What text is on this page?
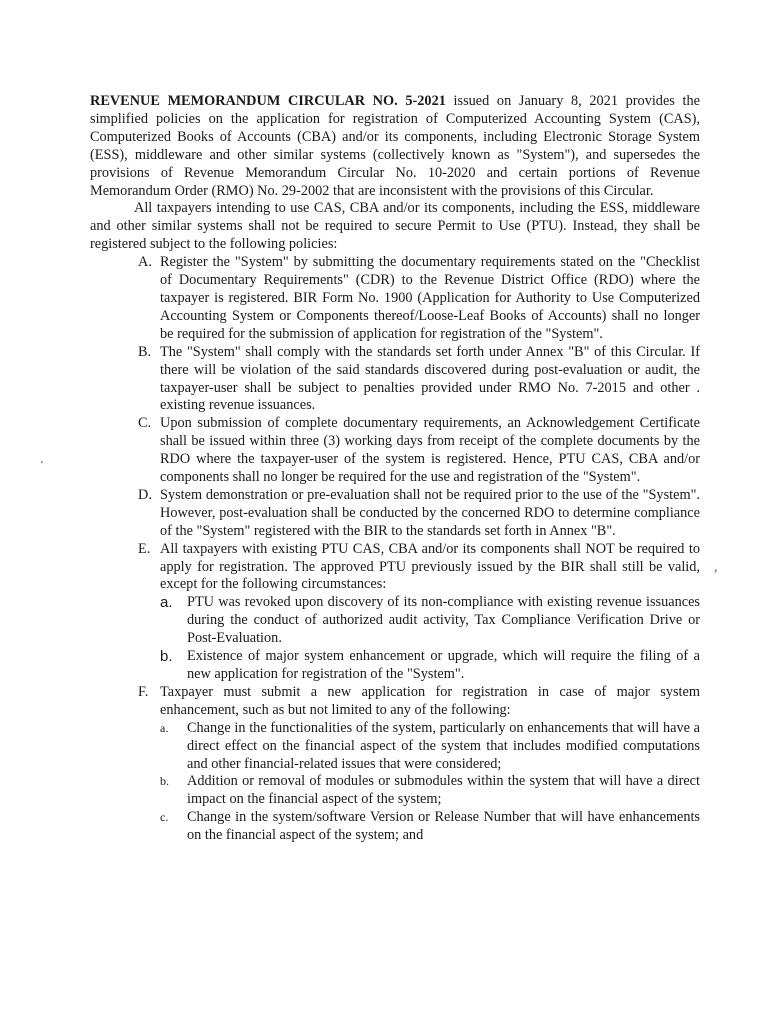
.
,

REVENUE MEMORANDUM CIRCULAR NO. 5-2021 issued on January 8, 2021 provides the simplified policies on the application for registration of Computerized Accounting System (CAS), Computerized Books of Accounts (CBA) and/or its components, including Electronic Storage System (ESS), middleware and other similar systems (collectively known as "System"), and supersedes the provisions of Revenue Memorandum Circular No. 10-2020 and certain portions of Revenue Memorandum Order (RMO) No. 29-2002 that are inconsistent with the provisions of this Circular.

All taxpayers intending to use CAS, CBA and/or its components, including the ESS, middleware and other similar systems shall not be required to secure Permit to Use (PTU). Instead, they shall be registered subject to the following policies:

A. Register the "System" by submitting the documentary requirements stated on the "Checklist of Documentary Requirements" (CDR) to the Revenue District Office (RDO) where the taxpayer is registered. BIR Form No. 1900 (Application for Authority to Use Computerized Accounting System or Components thereof/Loose-Leaf Books of Accounts) shall no longer be required for the submission of application for registration of the "System".
B. The "System" shall comply with the standards set forth under Annex "B" of this Circular. If there will be violation of the said standards discovered during post-evaluation or audit, the taxpayer-user shall be subject to penalties provided under RMO No. 7-2015 and other . existing revenue issuances.
C. Upon submission of complete documentary requirements, an Acknowledgement Certificate shall be issued within three (3) working days from receipt of the complete documents by the RDO where the taxpayer-user of the system is registered. Hence, PTU CAS, CBA and/or components shall no longer be required for the use and registration of the "System".
D. System demonstration or pre-evaluation shall not be required prior to the use of the "System". However, post-evaluation shall be conducted by the concerned RDO to determine compliance of the "System" registered with the BIR to the standards set forth in Annex "B".
E. All taxpayers with existing PTU CAS, CBA and/or its components shall NOT be required to apply for registration. The approved PTU previously issued by the BIR shall still be valid, except for the following circumstances:
a.	PTU was revoked upon discovery of its non-compliance with existing revenue issuances during the conduct of authorized audit activity, Tax Compliance Verification Drive or Post-Evaluation.
b.	Existence of major system enhancement or upgrade, which will require the filing of a new application for registration of the "System".
F. Taxpayer must submit a new application for registration in case of major system enhancement, such as but not limited to any of the following:
a.	Change in the functionalities of the system, particularly on enhancements that will have a direct effect on the financial aspect of the system that includes modified computations and other financial-related issues that were considered;
b.	Addition or removal of modules or submodules within the system that will have a direct impact on the financial aspect of the system;
c.	Change in the system/software Version or Release Number that will have enhancements on the financial aspect of the system; and
